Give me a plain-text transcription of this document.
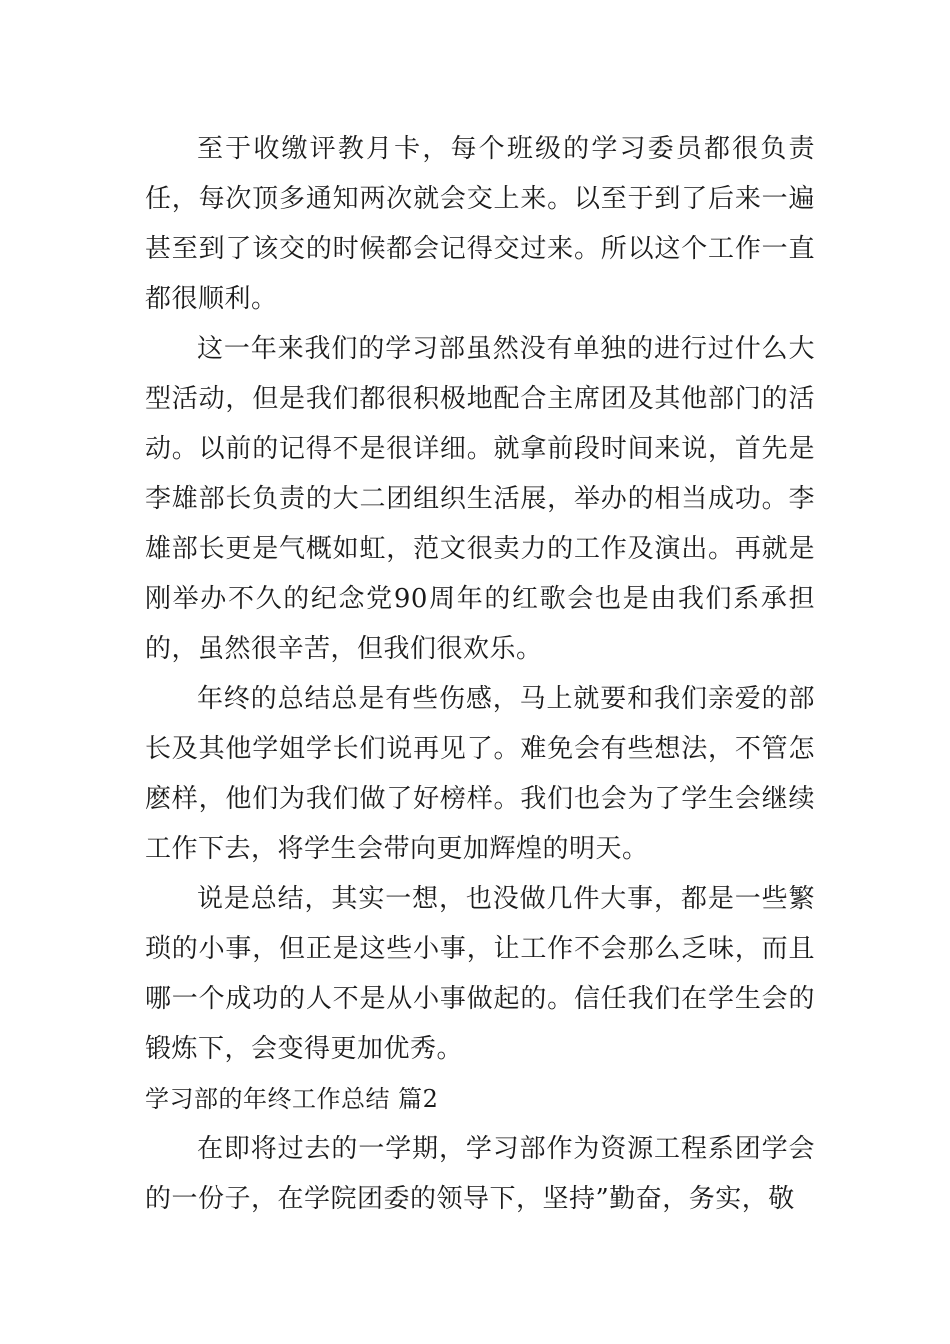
至于收缴评教月卡，每个班级的学习委员都很负责任，每次顶多通知两次就会交上来。以至于到了后来一遍甚至到了该交的时候都会记得交过来。所以这个工作一直都很顺利。

这一年来我们的学习部虽然没有单独的进行过什么大型活动，但是我们都很积极地配合主席团及其他部门的活动。以前的记得不是很详细。就拿前段时间来说，首先是李雄部长负责的大二团组织生活展，举办的相当成功。李雄部长更是气概如虹，范文很卖力的工作及演出。再就是刚举办不久的纪念党90周年的红歌会也是由我们系承担的，虽然很辛苦，但我们很欢乐。

年终的总结总是有些伤感，马上就要和我们亲爱的部长及其他学姐学长们说再见了。难免会有些想法，不管怎麽样，他们为我们做了好榜样。我们也会为了学生会继续工作下去，将学生会带向更加辉煌的明天。

说是总结，其实一想，也没做几件大事，都是一些繁琐的小事，但正是这些小事，让工作不会那么乏味，而且哪一个成功的人不是从小事做起的。信任我们在学生会的锻炼下，会变得更加优秀。

学习部的年终工作总结 篇2

在即将过去的一学期，学习部作为资源工程系团学会的一份子，在学院团委的领导下，坚持”勤奋，务实，敬
